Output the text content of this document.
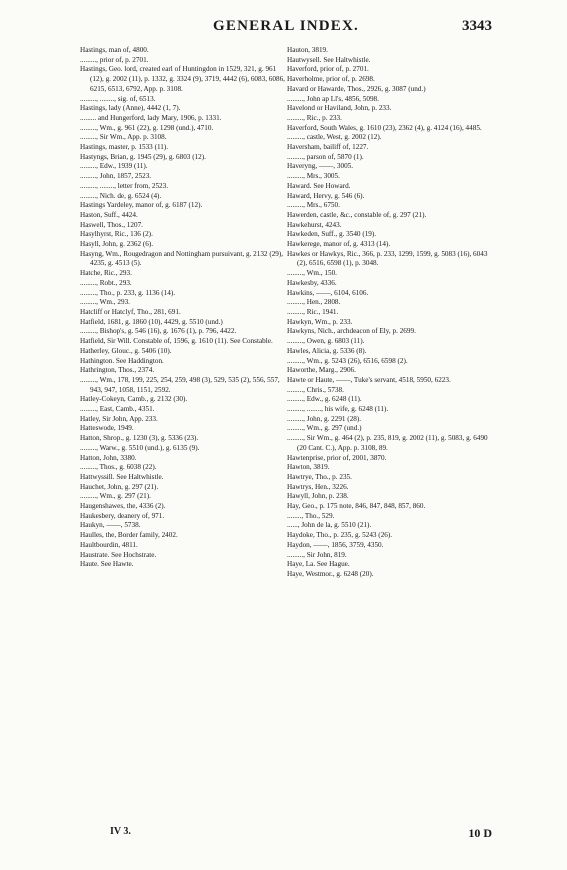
GENERAL INDEX.	3343

Hastings, man of, 4800.

........., prior of, p. 2701.

Hastings, Geo. lord, created earl of Huntingdon in 1529, 321, g. 961 (12), g. 2002 (11), p. 1332, g. 3324 (9), 3719, 4442 (6), 6083, 6086, 6215, 6513, 6792, App. p. 3108.

........., ........, sig. of, 6513.

Hastings, lady (Anne), 4442 (1, 7).

......... and Hungerford, lady Mary, 1906, p. 1331.

........., Wm., g. 961 (22), g. 1298 (und.), 4710.

........., Sir Wm., App. p. 3108.

Hastings, master, p. 1533 (11).

Hastyngs, Brian, g. 1945 (29), g. 6803 (12).

........., Edw., 1939 (11).

........., John, 1857, 2523.

........., ........, letter from, 2523.

........., Nich. de, g. 6524 (4).

Hastings Yardeley, manor of, g. 6187 (12).

Haston, Suff., 4424.

Haswell, Thos., 1207.

Hasylhyrst, Ric., 136 (2).

Hasyll, John, g. 2362 (6).

Hasyng, Wm., Rougedragon and Nottingham pursuivant, g. 2132 (29), 4235, g. 4513 (5).

Hatche, Ric., 293.

........., Robt., 293.

........., Tho., p. 233, g. 1136 (14).

........., Wm., 293.

Hatcliff or Hatclyf, Tho., 281, 691.

Hatfield, 1681, g. 1860 (10), 4429, g. 5510 (und.)

........., Bishop's, g. 546 (16), g. 1676 (1), p. 796, 4422.

Hatfield, Sir Will. Constable of, 1596, g. 1610 (11). See Constable.

Hatherley, Glouc., g. 5406 (10).

Hathington. See Haddington.

Hathrington, Thos., 2374.

........., Wm., 178, 199, 225, 254, 259, 498 (3), 529, 535 (2), 556, 557, 943, 947, 1058, 1151, 2592.

Hatley-Cokeyn, Camb., g. 2132 (30).

........., East, Camb., 4351.

Hatley, Sir John, App. 233.

Hatteswode, 1949.

Hatton, Shrop., g. 1230 (3), g. 5336 (23).

........., Warw., g. 5510 (und.), g. 6135 (9).

Hatton, John, 3380.

........., Thos., g. 6038 (22).

Hattwyssill. See Haltwhistle.

Hauchet, John, g. 297 (21).

........., Wm., g. 297 (21).

Haugenshawes, the, 4336 (2).

Haukesbery, deanery of, 971.

Haukyn, ——, 5738.

Haulles, the, Border family, 2402.

Haultbourdin, 4811.

Haustrate. See Hochstrate.

Haute. See Hawte.

Hauton, 3819.

Hautwysell. See Haltwhistle.

Haverford, prior of, p. 2701.

Haverholme, prior of, p. 2698.

Havard or Hawarde, Thos., 2926, g. 3087 (und.)

........., John ap Ll's, 4856, 5098.

Havelond or Haviland, John, p. 233.

........., Ric., p. 233.

Haverford, South Wales, g. 1610 (23), 2362 (4), g. 4124 (16), 4485.

........., castle, West, g. 2002 (12).

Haversham, bailiff of, 1227.

........., parson of, 5870 (1).

Haveryng, ——, 3005.

........., Mrs., 3005.

Haward. See Howard.

Haward, Hervy, g. 546 (6).

........., Mrs., 6750.

Hawerden, castle, &c., constable of, g. 297 (21).

Hawkehurst, 4243.

Hawkeden, Suff., g. 3540 (19).

Hawkerege, manor of, g. 4313 (14).

Hawkes or Hawkys, Ric., 366, p. 233, 1299, 1599, g. 5083 (16), 6043 (2), 6516, 6598 (1), p. 3048.

........., Wm., 150.

Hawkesby, 4336.

Hawkins, ——, 6104, 6106.

........., Hen., 2808.

........., Ric., 1941.

Hawkyn, Wm., p. 233.

Hawkyns, Nich., archdeacon of Ely, p. 2699.

........., Owen, g. 6803 (11).

Hawles, Alicia, g. 5336 (8).

........., Wm., g. 5243 (26), 6516, 6598 (2).

Haworthe, Marg., 2906.

Hawte or Haute, ——, Tuke's servant, 4518, 5950, 6223.

........., Chris., 5738.

........., Edw., g. 6248 (11).

........., ........, his wife, g. 6248 (11).

........., John, g. 2291 (28).

........., Wm., g. 297 (und.)

........., Sir Wm., g. 464 (2), p. 235, 819, g. 2002 (11), g. 5083, g. 6490 (20 Cant. C.), App. p. 3108, 89.

Hawtenprise, prior of, 2001, 3870.

Hawton, 3819.

Hawtrye, Tho., p. 235.

Hawtrys, Hen., 3226.

Hawyll, John, p. 238.

Hay, Geo., p. 175 note, 846, 847, 848, 857, 860.

........, Tho., 529.

......, John de la, g. 5510 (21).

Haydoke, Tho., p. 235, g. 5243 (26).

Haydon, ——, 1856, 3759, 4350.

........., Sir John, 819.

Haye, La. See Hague.

Haye, Westmor., g. 6248 (20).

IV 3.	10 D
